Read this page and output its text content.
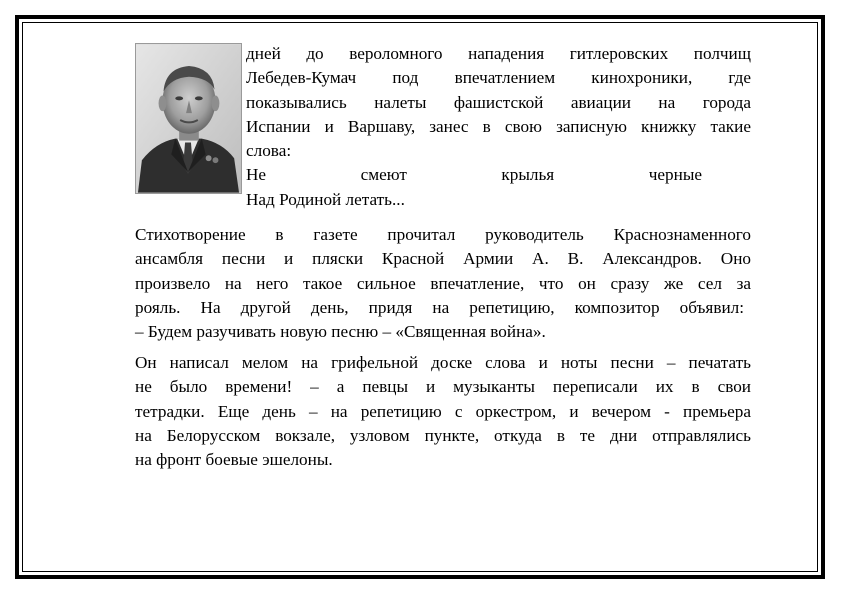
дней до вероломного нападения гитлеровских полчищ
Лебедев-Кумач под впечатлением кинохроники, где
показывались налеты фашистской авиации на города
Испании и Варшаву, занес в свою записную книжку такие
слова:
Не смеют крылья черные
Над Родиной летать...
Стихотворение в газете прочитал руководитель Краснознаменного
ансамбля песни и пляски Красной Армии А. В. Александров. Оно
произвело на него такое сильное впечатление, что он сразу же сел за
рояль. На другой день, придя на репетицию, композитор объявил:
– Будем разучивать новую песню – «Священная война».
Он написал мелом на грифельной доске слова и ноты песни – печатать
не было времени! – а певцы и музыканты переписали их в свои
тетрадки. Еще день – на репетицию с оркестром, и вечером - премьера
на Белорусском вокзале, узловом пункте, откуда в те дни отправлялись
на фронт боевые эшелоны.
